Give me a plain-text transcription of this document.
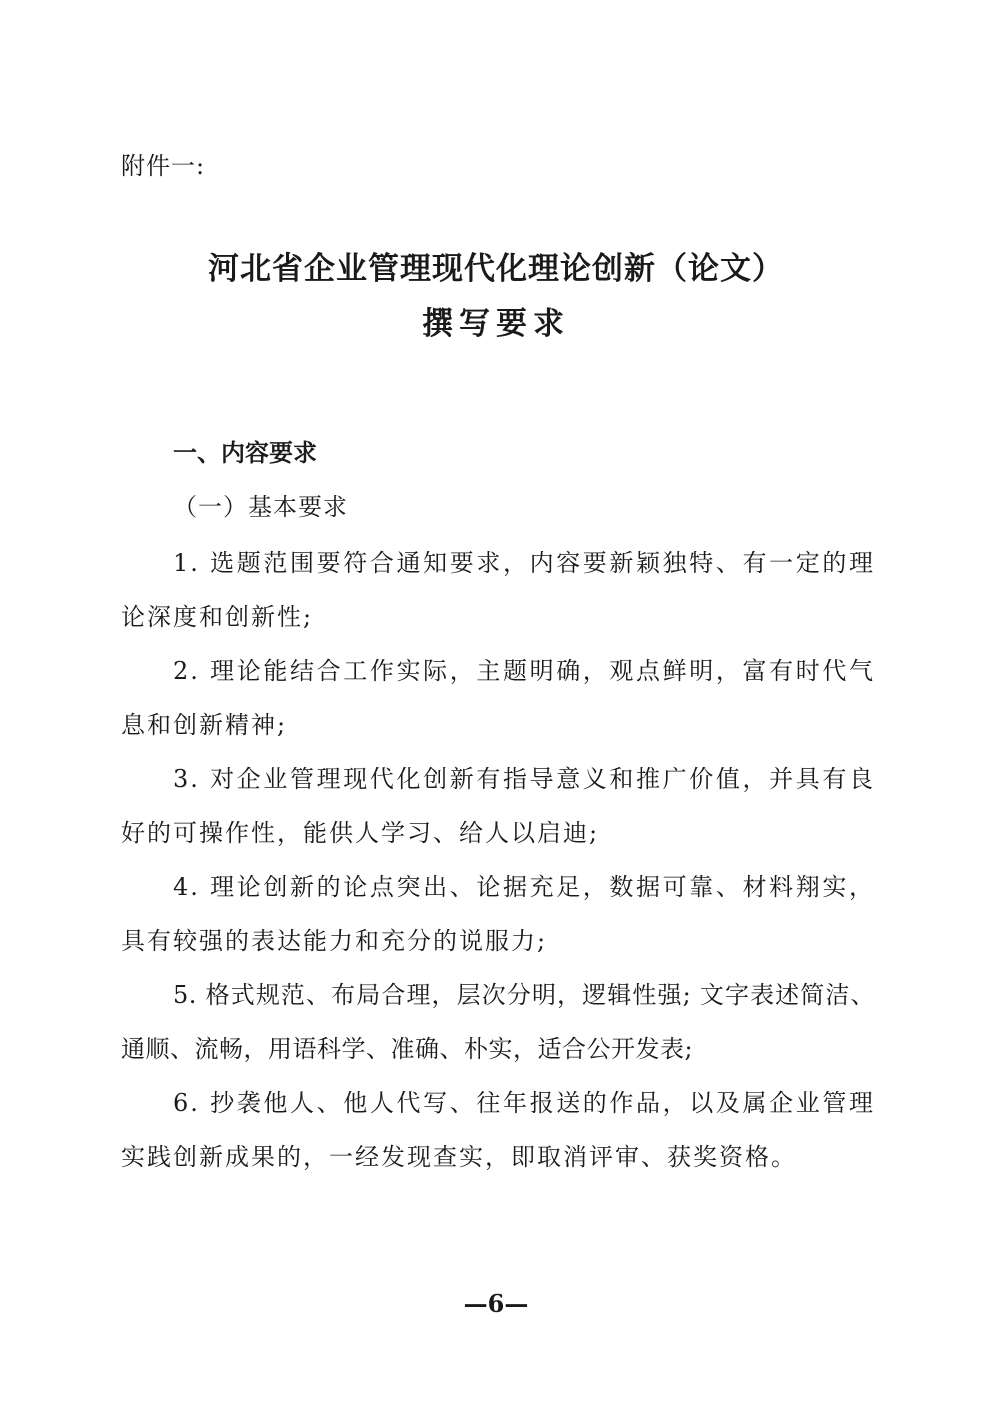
附件一:
河北省企业管理现代化理论创新（论文）
撰写要求
一、内容要求
（一）基本要求

1. 选题范围要符合通知要求，内容要新颖独特、有一定的理论深度和创新性;

2. 理论能结合工作实际，主题明确，观点鲜明，富有时代气息和创新精神;

3. 对企业管理现代化创新有指导意义和推广价值，并具有良好的可操作性，能供人学习、给人以启迪;

4. 理论创新的论点突出、论据充足，数据可靠、材料翔实，具有较强的表达能力和充分的说服力;

5. 格式规范、布局合理，层次分明，逻辑性强; 文字表述简洁、通顺、流畅，用语科学、准确、朴实，适合公开发表;

6. 抄袭他人、他人代写、往年报送的作品，以及属企业管理实践创新成果的，一经发现查实，即取消评审、获奖资格。

—6—
